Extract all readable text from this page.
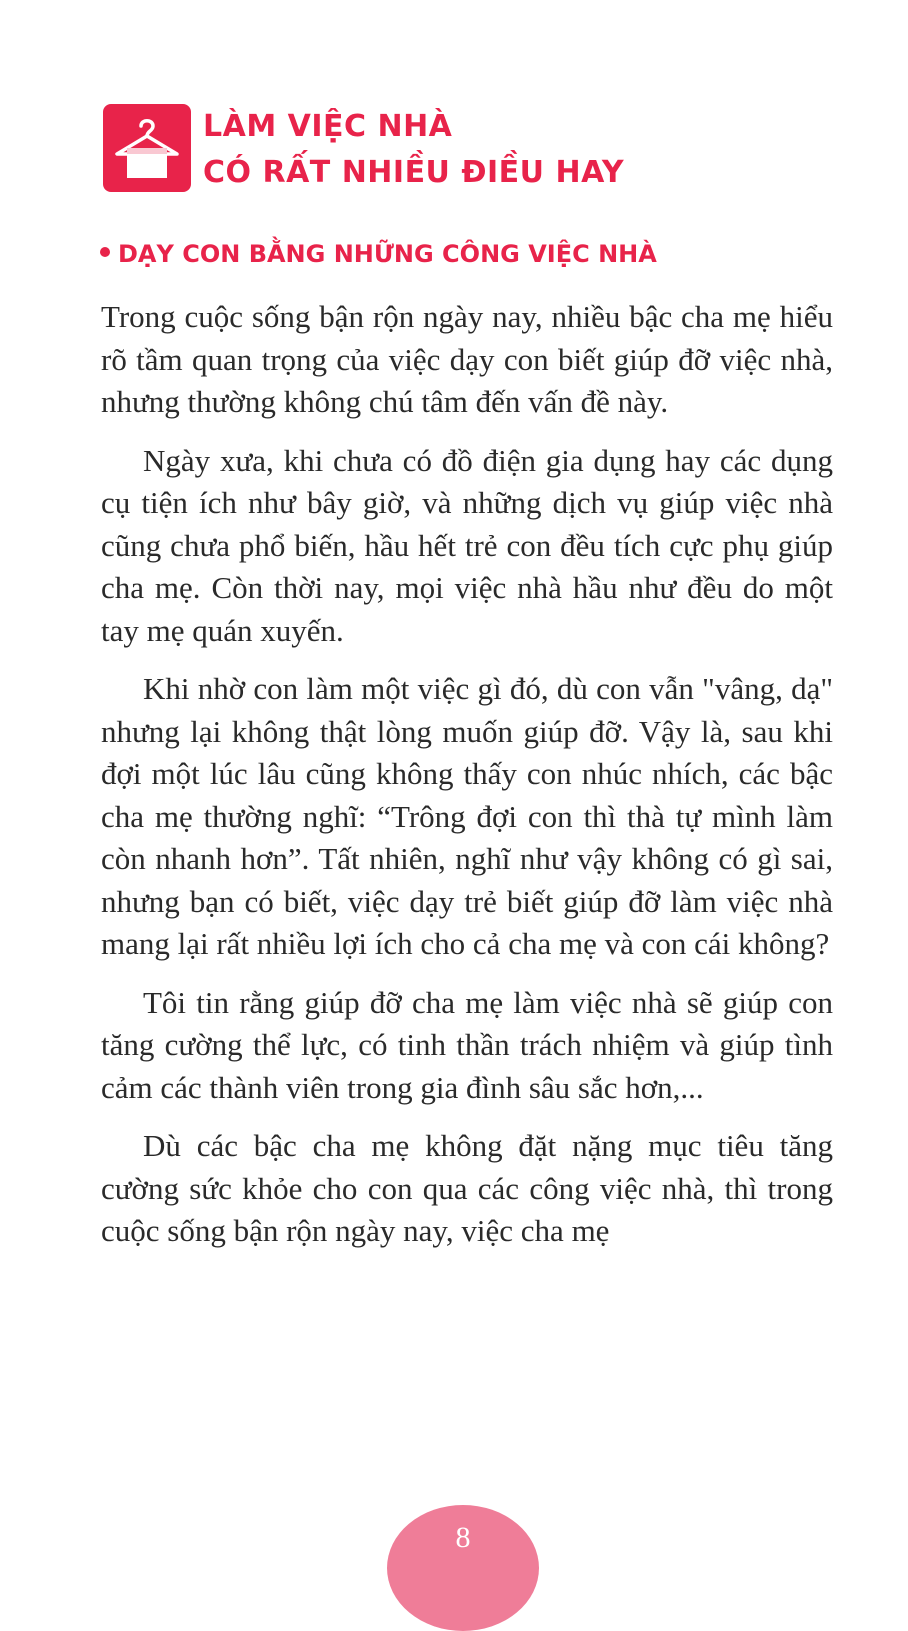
LÀM VIỆC NHÀ
CÓ RẤT NHIỀU ĐIỀU HAY
DẠY CON BẰNG NHỮNG CÔNG VIỆC NHÀ

Trong cuộc sống bận rộn ngày nay, nhiều bậc cha mẹ hiểu rõ tầm quan trọng của việc dạy con biết giúp đỡ việc nhà, nhưng thường không chú tâm đến vấn đề này.

Ngày xưa, khi chưa có đồ điện gia dụng hay các dụng cụ tiện ích như bây giờ, và những dịch vụ giúp việc nhà cũng chưa phổ biến, hầu hết trẻ con đều tích cực phụ giúp cha mẹ. Còn thời nay, mọi việc nhà hầu như đều do một tay mẹ quán xuyến.

Khi nhờ con làm một việc gì đó, dù con vẫn "vâng, dạ" nhưng lại không thật lòng muốn giúp đỡ. Vậy là, sau khi đợi một lúc lâu cũng không thấy con nhúc nhích, các bậc cha mẹ thường nghĩ: “Trông đợi con thì thà tự mình làm còn nhanh hơn”. Tất nhiên, nghĩ như vậy không có gì sai, nhưng bạn có biết, việc dạy trẻ biết giúp đỡ làm việc nhà mang lại rất nhiều lợi ích cho cả cha mẹ và con cái không?

Tôi tin rằng giúp đỡ cha mẹ làm việc nhà sẽ giúp con tăng cường thể lực, có tinh thần trách nhiệm và giúp tình cảm các thành viên trong gia đình sâu sắc hơn,...

Dù các bậc cha mẹ không đặt nặng mục tiêu tăng cường sức khỏe cho con qua các công việc nhà, thì trong cuộc sống bận rộn ngày nay, việc cha mẹ

8
